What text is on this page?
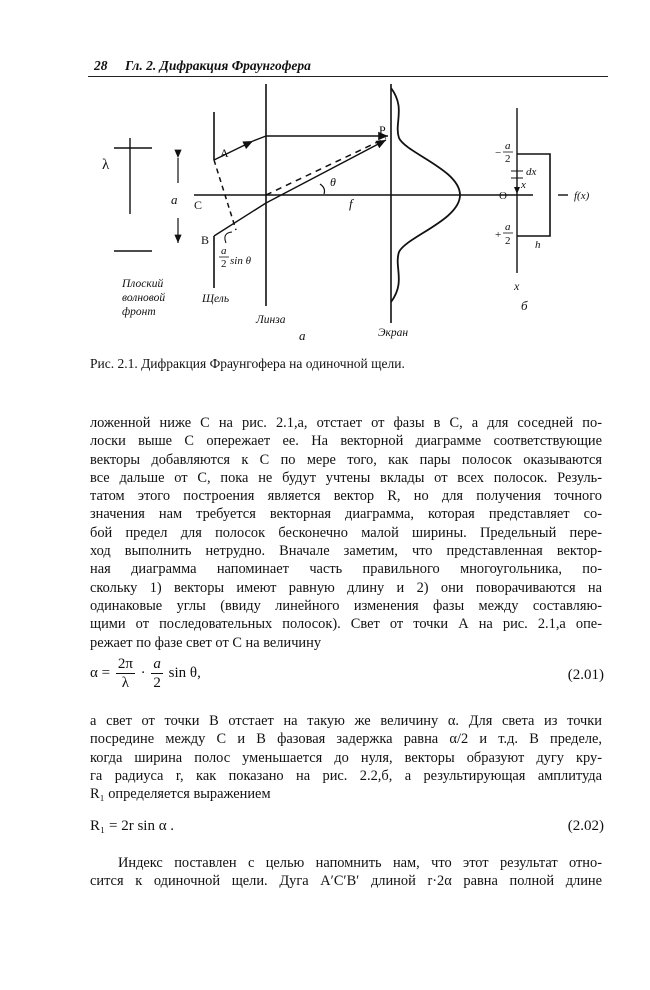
28 Гл. 2. Дифракция Фраунгофера
λ
a
A
C
B
P
θ
f
a
2 sin θ
Плоский волновой фронт
Щель
Линза
Экран
а
−
a
2
dx
x
O
+
a
2 h
x
б
f(x)
Рис. 2.1. Дифракция Фраунгофера на одиночной щели.

ложенной ниже С на рис. 2.1,а, отстает от фазы в С, а для соседней по-

лоски выше С опережает ее. На векторной диаграмме соответствующие

векторы добавляются к С по мере того, как пары полосок оказываются

все дальше от С, пока не будут учтены вклады от всех полосок. Резуль-

татом этого построения является вектор R, но для получения точного

значения нам требуется векторная диаграмма, которая представляет со-

бой предел для полосок бесконечно малой ширины. Предельный пере-

ход выполнить нетрудно. Вначале заметим, что представленная вектор-

ная диаграмма напоминает часть правильного многоугольника, по-

скольку 1) векторы имеют равную длину и 2) они поворачиваются на

одинаковые углы (ввиду линейного изменения фазы между составляю-

щими от последовательных полосок). Свет от точки А на рис. 2.1,а опе-

режает по фазе свет от С на величину

$\alpha = \frac{2\pi}{\lambda} \cdot \frac{a}{2}$ sin θ,	(2.01)

а свет от точки В отстает на такую же величину α. Для света из точки

посредине между С и В фазовая задержка равна α/2 и т.д. В пределе,

когда ширина полос уменьшается до нуля, векторы образуют дугу кру-

га радиуса r, как показано на рис. 2.2,б, а результирующая амплитуда

R₁ определяется выражением

R₁ = 2r sin α .	(2.02)

Индекс поставлен с целью напомнить нам, что этот результат отно-

сится к одиночной щели. Дуга A′C′B′ длиной r·2α равна полной длине
